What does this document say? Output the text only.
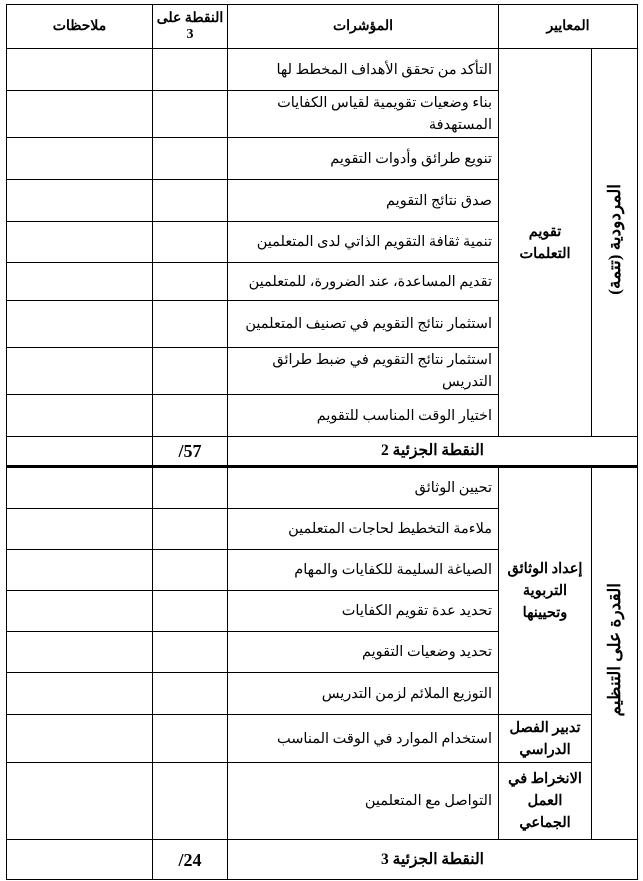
المعايير		المؤشرات	النقطة على 3	ملاحظات
المردودية (تتمة)	تقويم التعلمات	التأكد من تحقق الأهداف المخطط لها		
		بناء وضعيات تقويمية لقياس الكفايات المستهدفة		
		تنويع طرائق وأدوات التقويم		
		صدق نتائج التقويم		
		تنمية ثقافة التقويم الذاتي لدى المتعلمين		
		تقديم المساعدة، عند الضرورة، للمتعلمين		
		استثمار نتائج التقويم في تصنيف المتعلمين		
		استثمار نتائج التقويم في ضبط طرائق التدريس		
		اختيار الوقت المناسب للتقويم		
النقطة الجزئية 2			/57	
القدرة على التنظيم	إعداد الوثائق التربوية وتحيينها	تحيين الوثائق		
		ملاءمة التخطيط لحاجات المتعلمين		
		الصياغة السليمة للكفايات والمهام		
		تحديد عدة تقويم الكفايات		
		تحديد وضعيات التقويم		
		التوزيع الملائم لزمن التدريس		
	تدبير الفصل الدراسي	استخدام الموارد في الوقت المناسب		
	الانخراط في العمل الجماعي	التواصل مع المتعلمين		
النقطة الجزئية 3			/24	
